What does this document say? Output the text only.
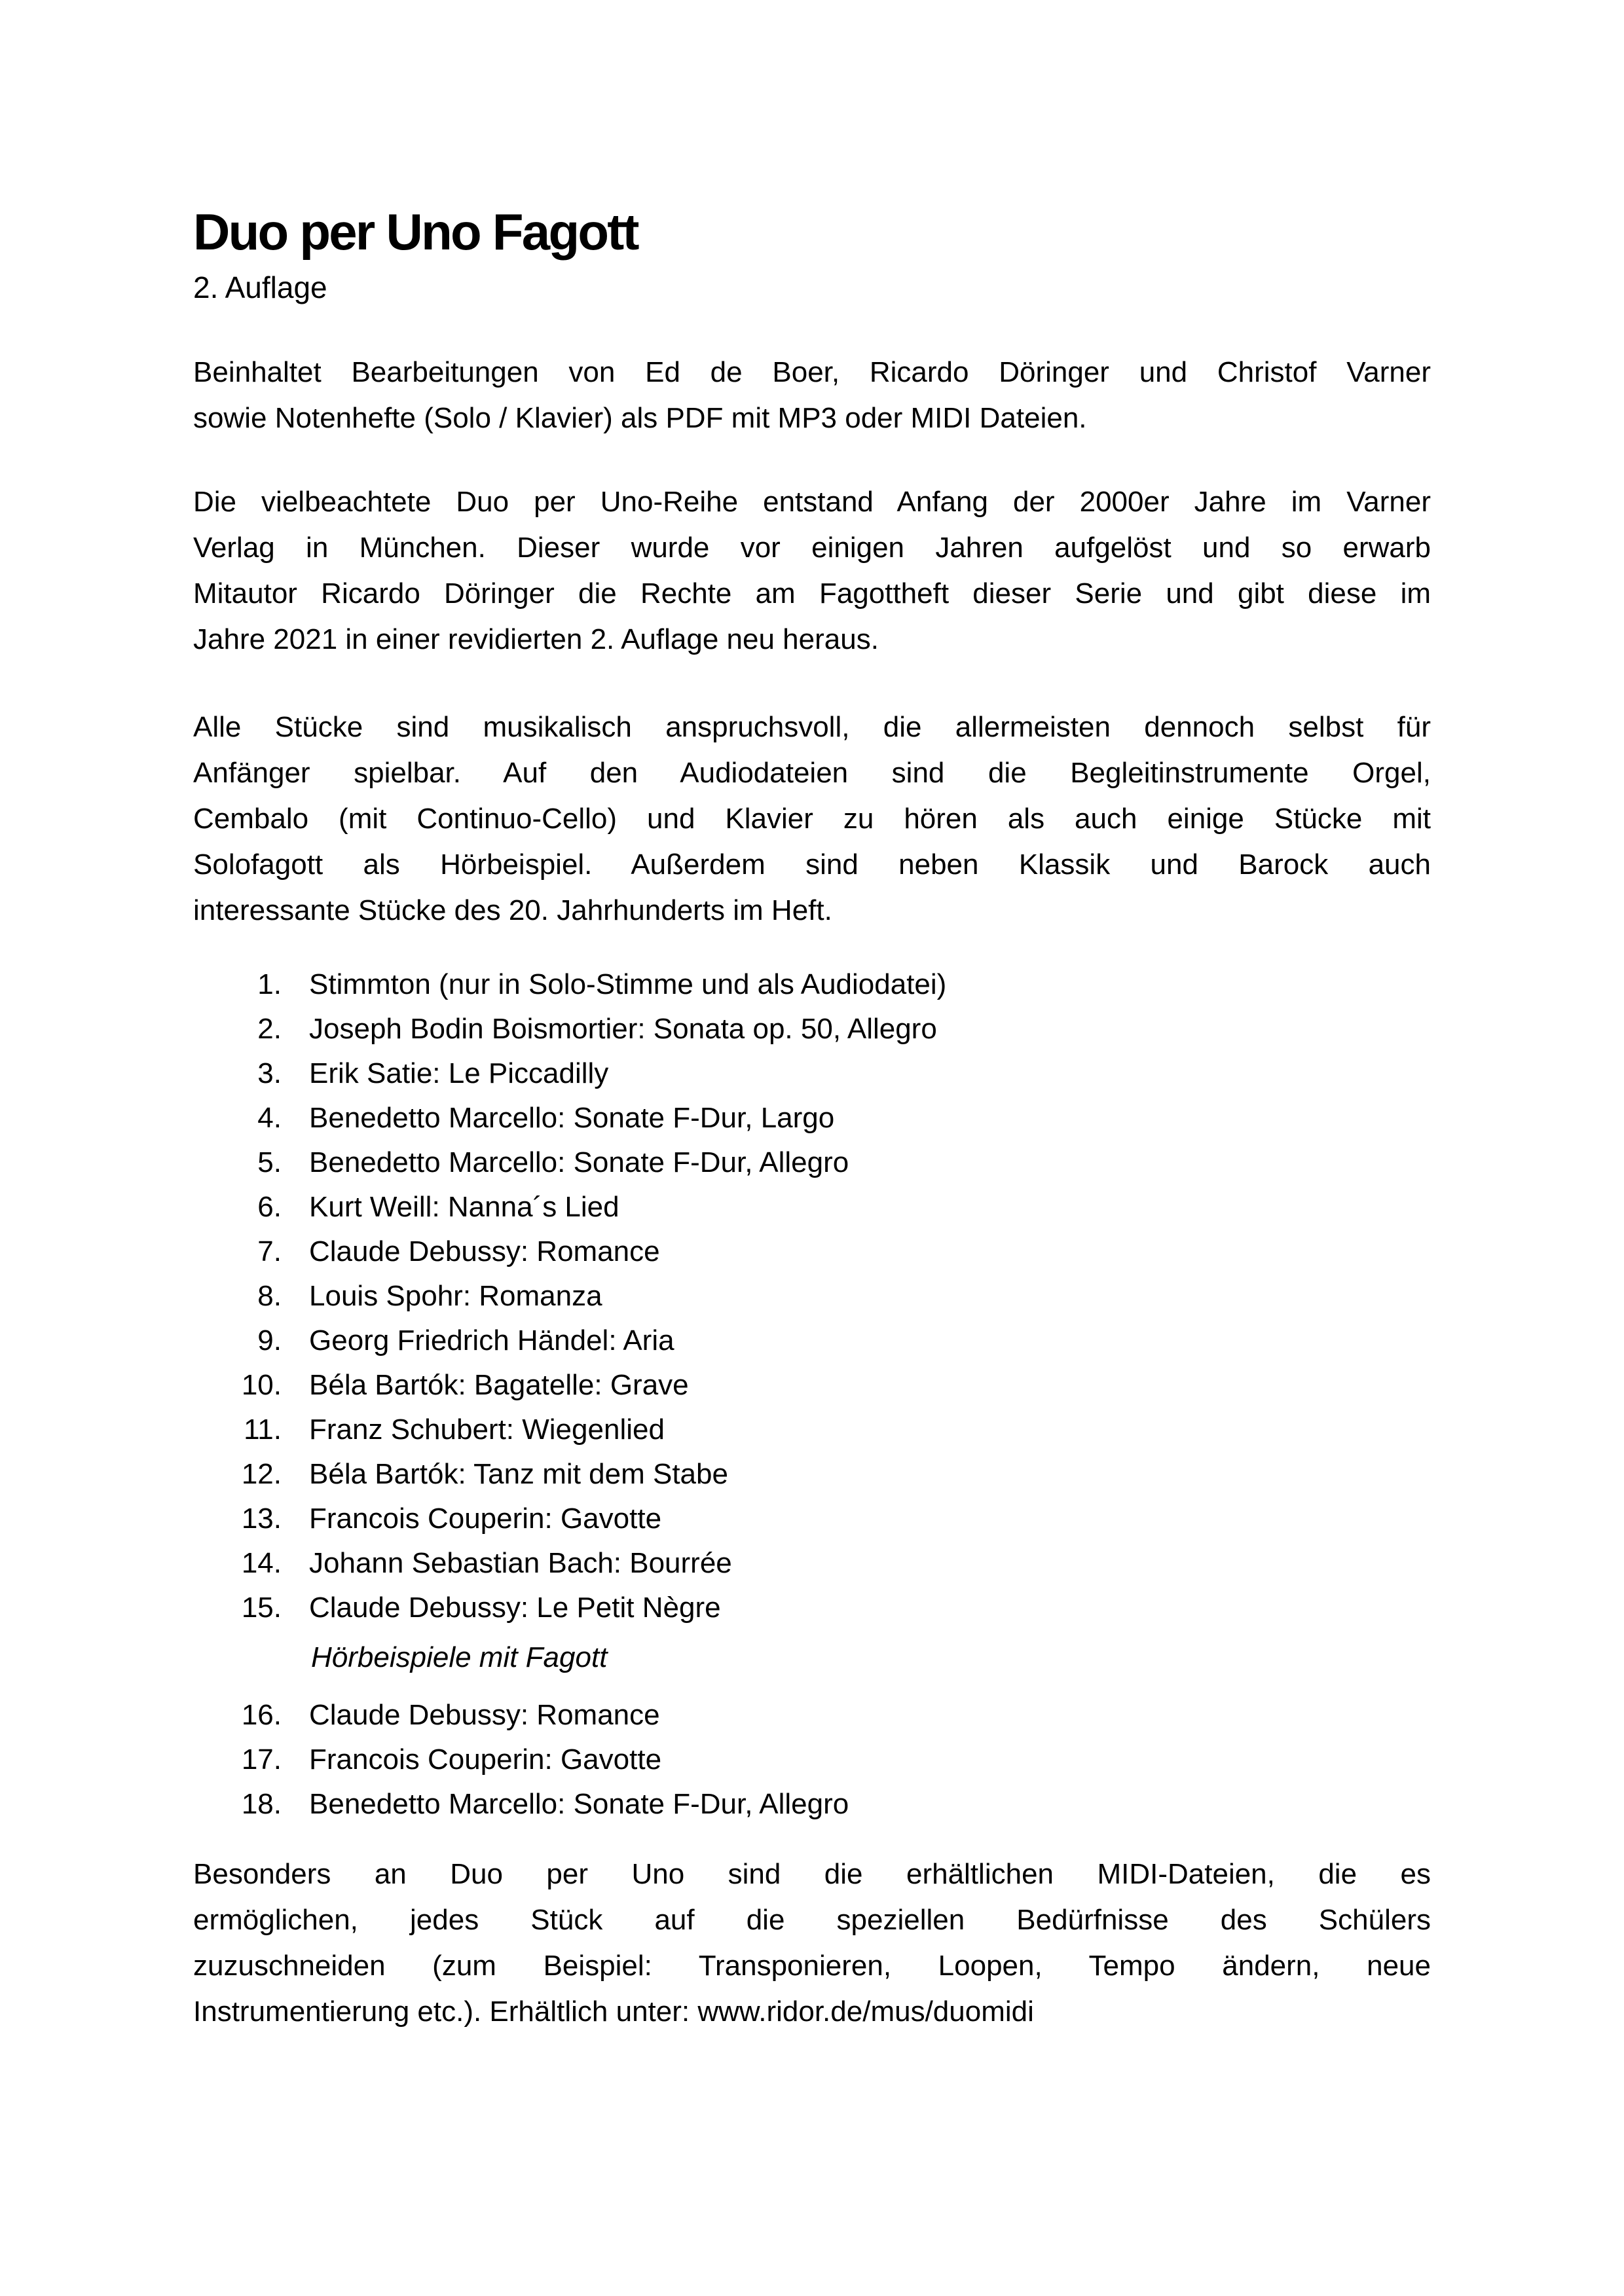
Duo per Uno Fagott
2. Auflage
Beinhaltet Bearbeitungen von Ed de Boer, Ricardo Döringer und Christof Varner
sowie Notenhefte (Solo / Klavier) als PDF mit MP3 oder MIDI Dateien.
Die vielbeachtete Duo per Uno-Reihe entstand Anfang der 2000er Jahre im Varner
Verlag in München. Dieser wurde vor einigen Jahren aufgelöst und so erwarb
Mitautor Ricardo Döringer die Rechte am Fagottheft dieser Serie und gibt diese im
Jahre 2021 in einer revidierten 2. Auflage neu heraus.
Alle Stücke sind musikalisch anspruchsvoll, die allermeisten dennoch selbst für
Anfänger spielbar. Auf den Audiodateien sind die Begleitinstrumente Orgel,
Cembalo (mit Continuo-Cello) und Klavier zu hören als auch einige Stücke mit
Solofagott als Hörbeispiel. Außerdem sind neben Klassik und Barock auch
interessante Stücke des 20. Jahrhunderts im Heft.
1. Stimmton (nur in Solo-Stimme und als Audiodatei)
2. Joseph Bodin Boismortier: Sonata op. 50, Allegro
3. Erik Satie: Le Piccadilly
4. Benedetto Marcello: Sonate F-Dur, Largo
5. Benedetto Marcello: Sonate F-Dur, Allegro
6. Kurt Weill: Nanna´s Lied
7. Claude Debussy: Romance
8. Louis Spohr: Romanza
9. Georg Friedrich Händel: Aria
10. Béla Bartók: Bagatelle: Grave
11. Franz Schubert: Wiegenlied
12. Béla Bartók: Tanz mit dem Stabe
13. Francois Couperin: Gavotte
14. Johann Sebastian Bach: Bourrée
15. Claude Debussy: Le Petit Nègre
Hörbeispiele mit Fagott
16. Claude Debussy: Romance
17. Francois Couperin: Gavotte
18. Benedetto Marcello: Sonate F-Dur, Allegro
Besonders an Duo per Uno sind die erhältlichen MIDI-Dateien, die es
ermöglichen, jedes Stück auf die speziellen Bedürfnisse des Schülers
zuzuschneiden (zum Beispiel: Transponieren, Loopen, Tempo ändern, neue
Instrumentierung etc.). Erhältlich unter: www.ridor.de/mus/duomidi
